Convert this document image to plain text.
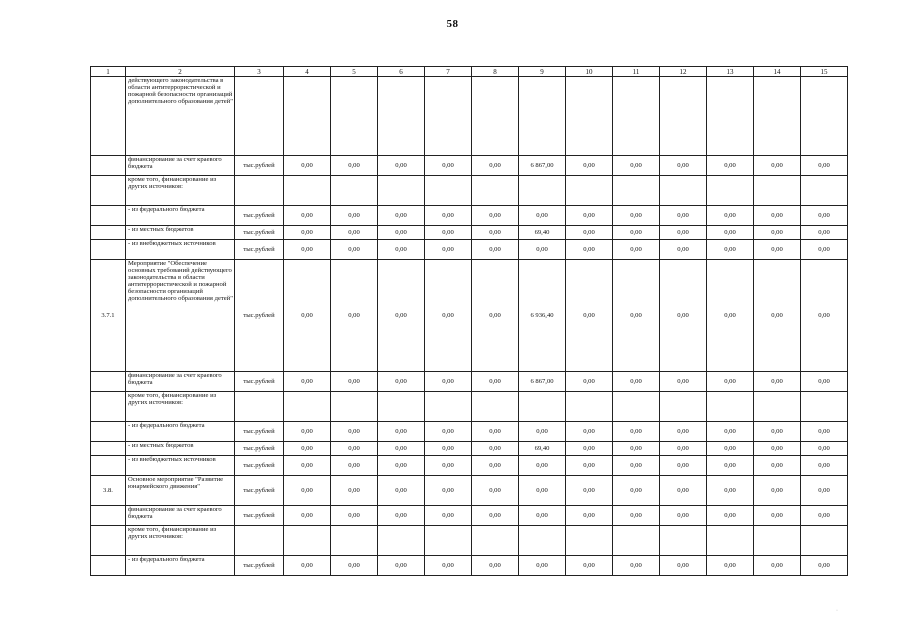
58
1	2	3	4	5	6	7	8	9	10	11	12	13	14	15
	действующего законодательства в области антитеррористической и пожарной безопасности организаций дополнительного образования детей"													
	финансирование за счет краевого бюджета	тыс.рублей	0,00	0,00	0,00	0,00	0,00	6 867,00	0,00	0,00	0,00	0,00	0,00	0,00
	кроме того, финансирование из других источников:													
	- из федерального бюджета	тыс.рублей	0,00	0,00	0,00	0,00	0,00	0,00	0,00	0,00	0,00	0,00	0,00	0,00
	- из местных бюджетов	тыс.рублей	0,00	0,00	0,00	0,00	0,00	69,40	0,00	0,00	0,00	0,00	0,00	0,00
	- из внебюджетных источников	тыс.рублей	0,00	0,00	0,00	0,00	0,00	0,00	0,00	0,00	0,00	0,00	0,00	0,00
3.7.1	Мероприятие "Обеспечение основных требований действующего законодательства в области антитеррористической и пожарной безопасности организаций дополнительного образования детей"	тыс.рублей	0,00	0,00	0,00	0,00	0,00	6 936,40	0,00	0,00	0,00	0,00	0,00	0,00
	финансирование за счет краевого бюджета	тыс.рублей	0,00	0,00	0,00	0,00	0,00	6 867,00	0,00	0,00	0,00	0,00	0,00	0,00
	кроме того, финансирование из других источников:													
	- из федерального бюджета	тыс.рублей	0,00	0,00	0,00	0,00	0,00	0,00	0,00	0,00	0,00	0,00	0,00	0,00
	- из местных бюджетов	тыс.рублей	0,00	0,00	0,00	0,00	0,00	69,40	0,00	0,00	0,00	0,00	0,00	0,00
	- из внебюджетных источников	тыс.рублей	0,00	0,00	0,00	0,00	0,00	0,00	0,00	0,00	0,00	0,00	0,00	0,00
3.8.	Основное мероприятие "Развитие юнармейского движения"	тыс.рублей	0,00	0,00	0,00	0,00	0,00	0,00	0,00	0,00	0,00	0,00	0,00	0,00
	финансирование за счет краевого бюджета	тыс.рублей	0,00	0,00	0,00	0,00	0,00	0,00	0,00	0,00	0,00	0,00	0,00	0,00
	кроме того, финансирование из других источников:													
	- из федерального бюджета	тыс.рублей	0,00	0,00	0,00	0,00	0,00	0,00	0,00	0,00	0,00	0,00	0,00	0,00
·
